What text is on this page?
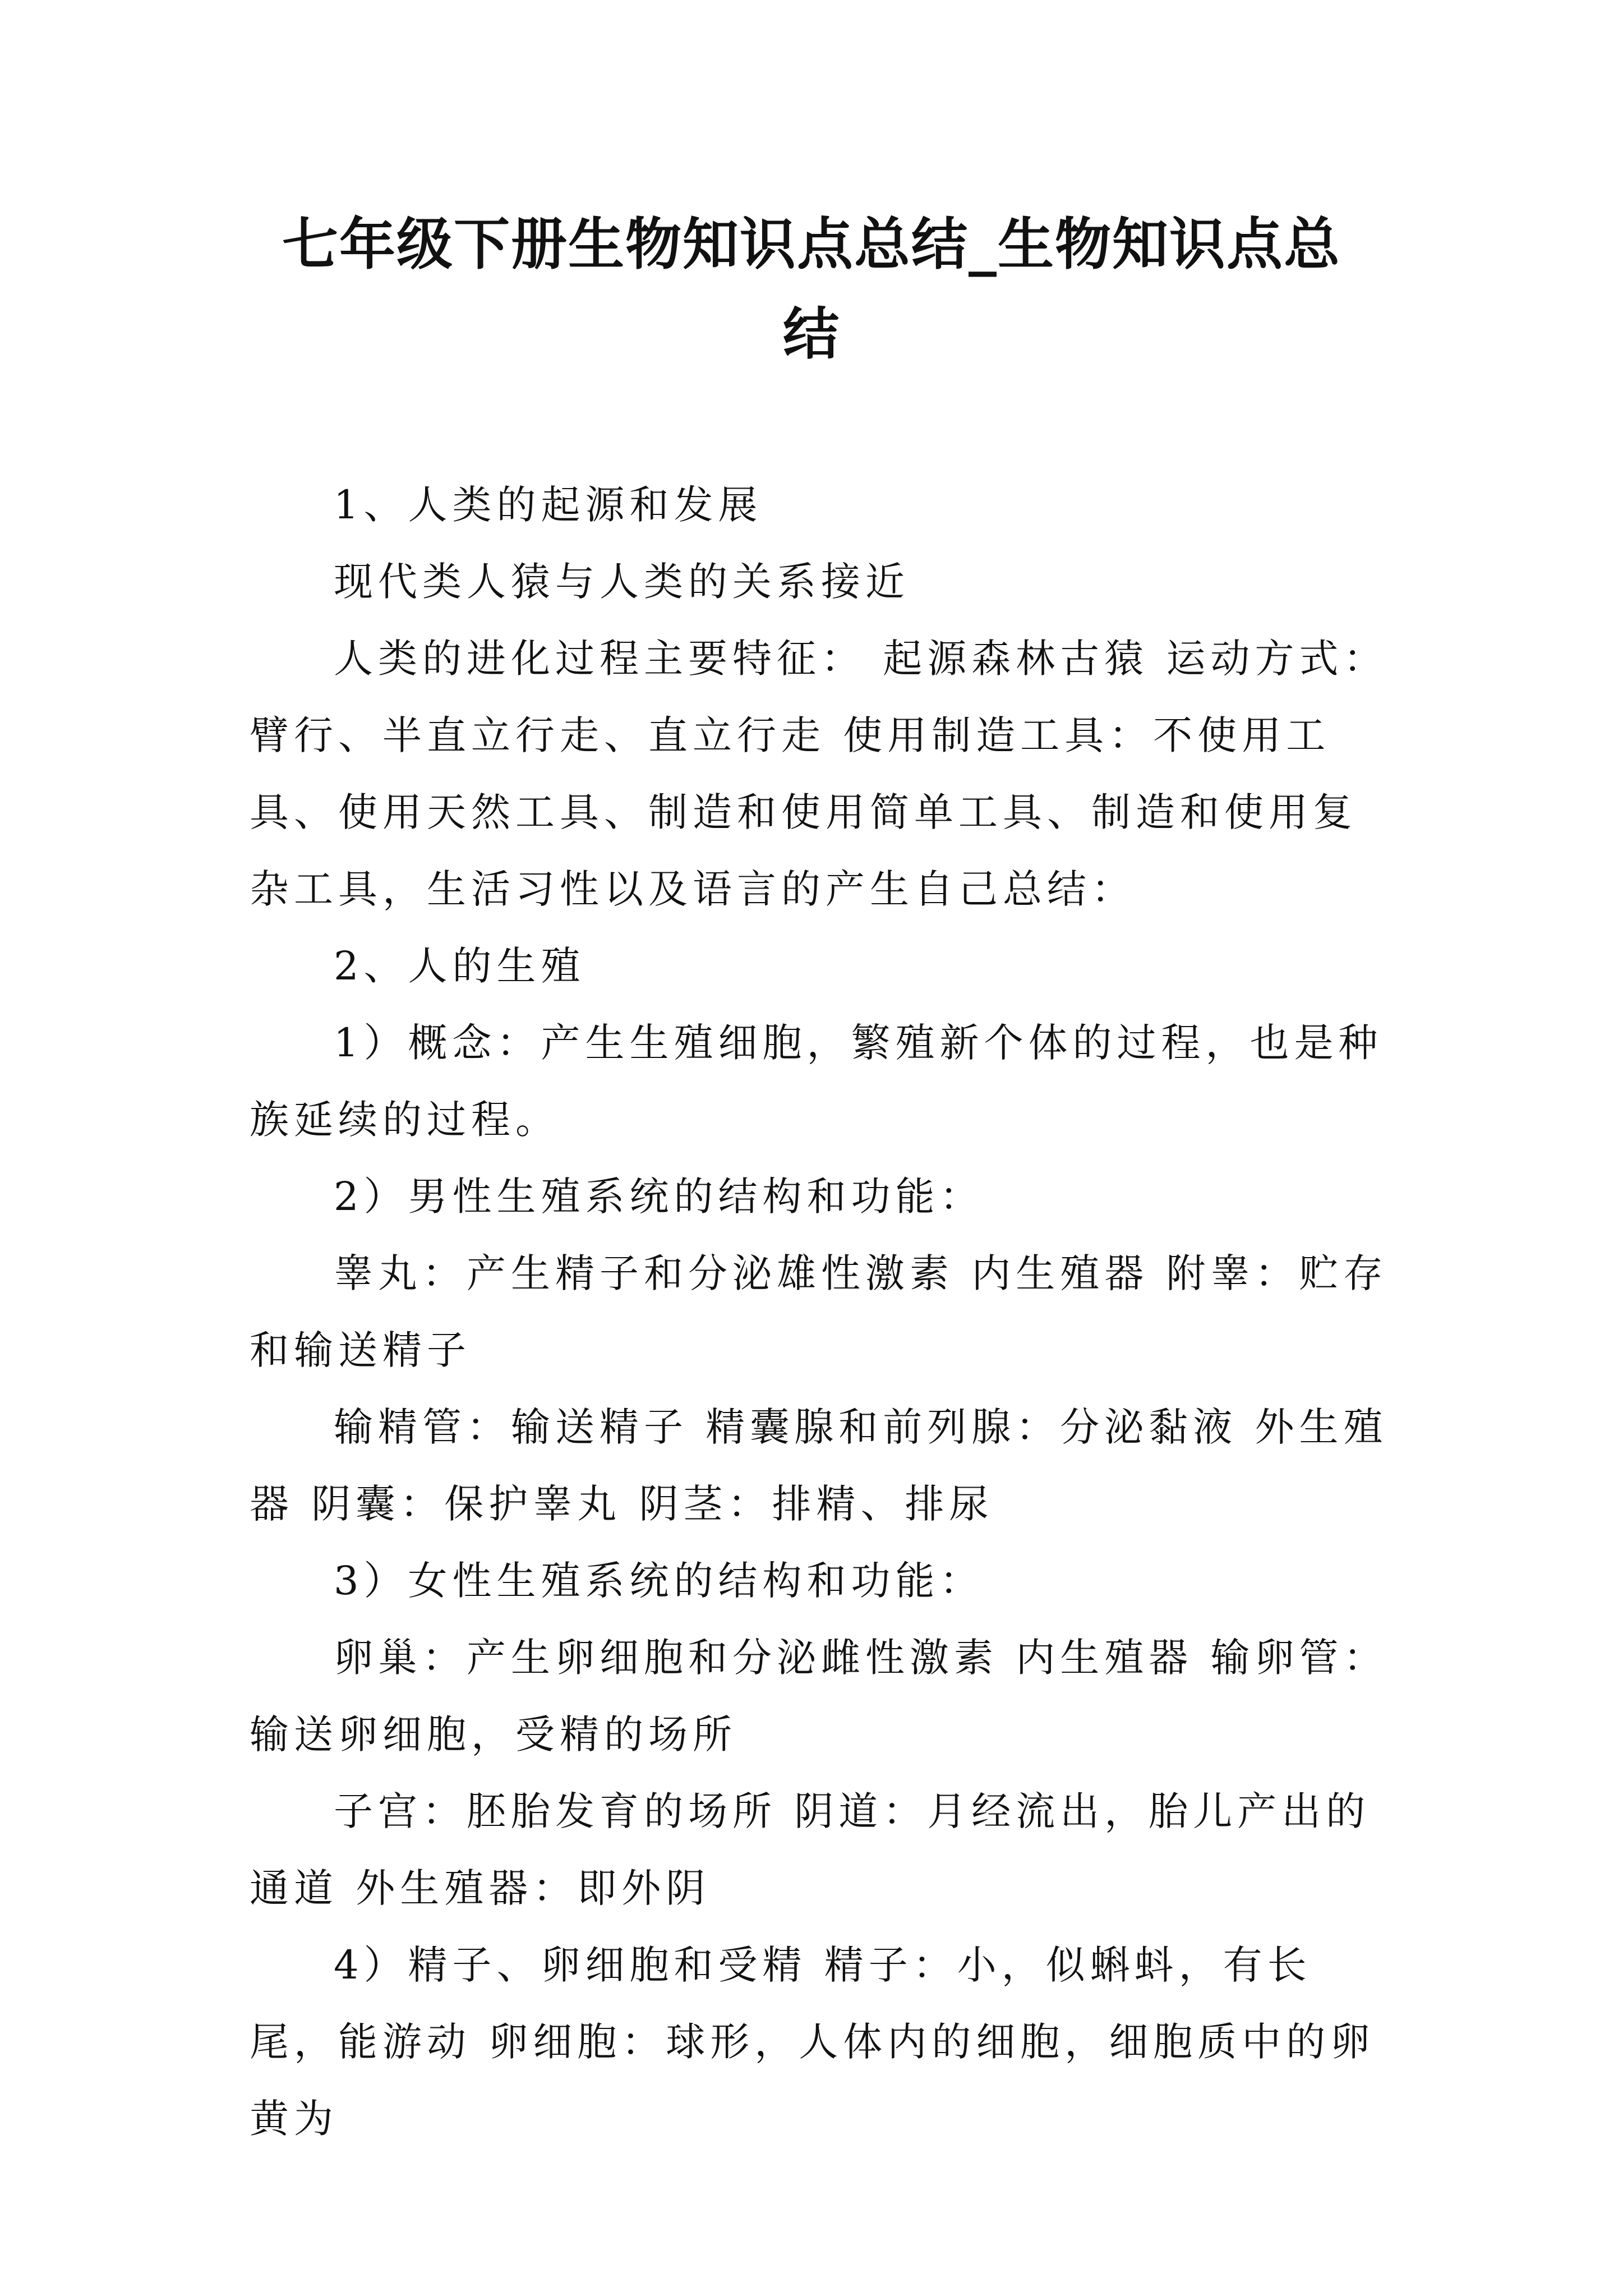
七年级下册生物知识点总结_生物知识点总
结

1、人类的起源和发展

现代类人猿与人类的关系接近

人类的进化过程主要特征： 起源森林古猿 运动方式：臂行、半直立行走、直立行走 使用制造工具：不使用工具、使用天然工具、制造和使用简单工具、制造和使用复杂工具，生活习性以及语言的产生自己总结：

2、人的生殖

1）概念：产生生殖细胞，繁殖新个体的过程，也是种族延续的过程。

2）男性生殖系统的结构和功能：

睾丸：产生精子和分泌雄性激素 内生殖器 附睾：贮存和输送精子

输精管：输送精子 精囊腺和前列腺：分泌黏液 外生殖器 阴囊：保护睾丸 阴茎：排精、排尿

3）女性生殖系统的结构和功能：

卵巢：产生卵细胞和分泌雌性激素 内生殖器 输卵管：输送卵细胞，受精的场所

子宫：胚胎发育的场所 阴道：月经流出，胎儿产出的通道 外生殖器：即外阴

4）精子、卵细胞和受精 精子：小，似蝌蚪，有长尾，能游动 卵细胞：球形，人体内的细胞，细胞质中的卵黄为
